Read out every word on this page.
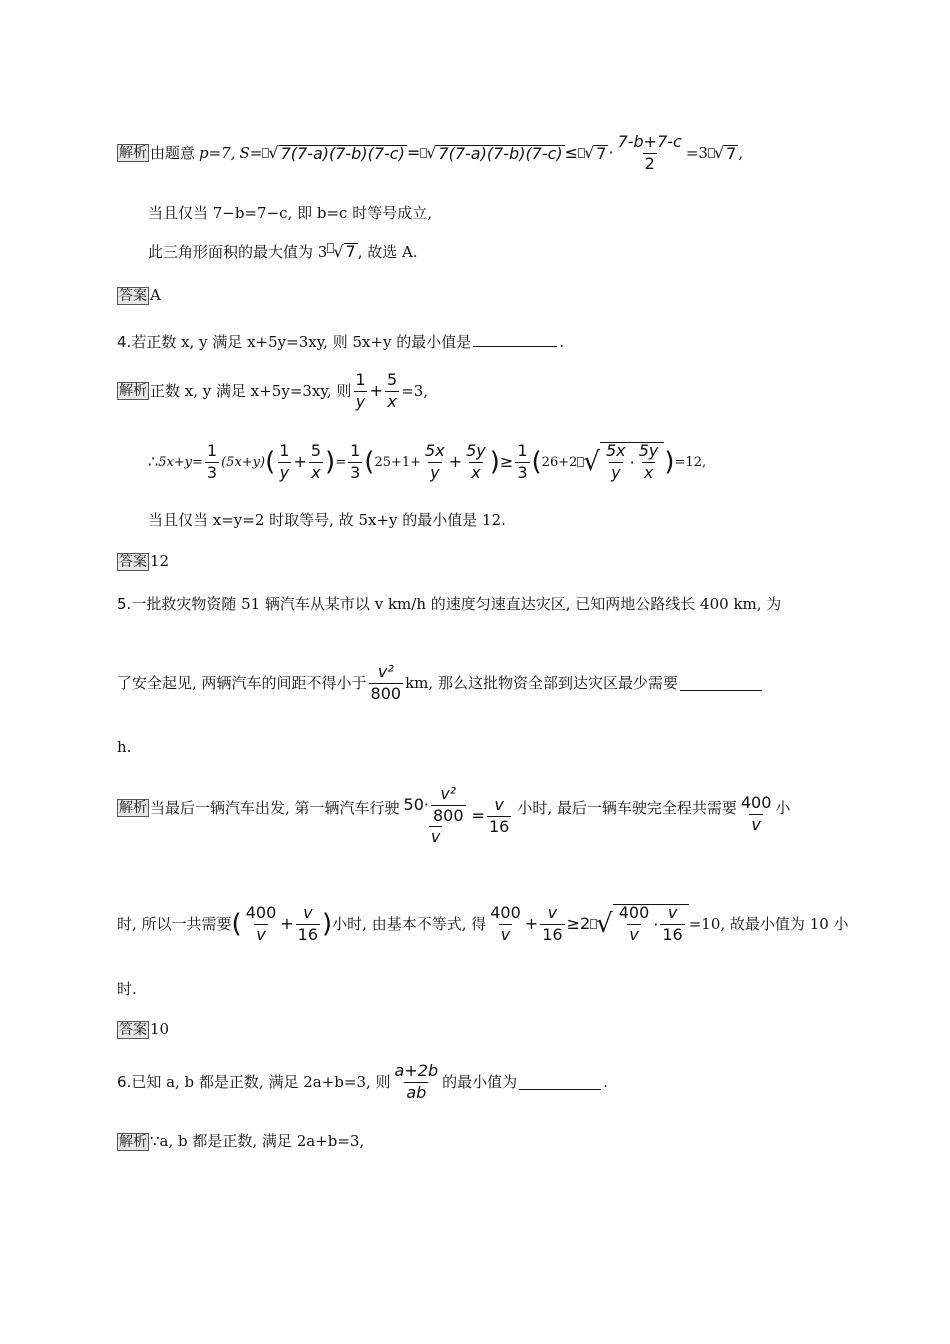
解析 由题意 p=7, S= √ 7(7-a)(7-b)(7-c) = √ 7(7-a)(7-b)(7-c) ≤ √ $7 \cdot \frac{7-b+7-c}{2} =3$ √ 7 ,
当且仅当 7−b=7−c, 即 b=c 时等号成立,
此三角形面积的最大值为 3 √ 7 , 故选 A.
答案 A
4.若正数 x, y 满足 x+5y=3xy, 则 5x+y 的最小值是	.
解析 正数 x, y 满足 x+5y=3xy, 则
1
y
+ $\frac{5}{x} =3$,
∴ $5x+y= \frac{1}{3} (5x+y)$ ( 1
y
+ $\frac{5}{x}$ ) = $\frac{1}{3}$ ( $25+1+ \frac{5x}{y} + \frac{5y}{x}$ ) ≥ $\frac{1}{3}$ ( 26+2 √ 5x
y
·
5y
x ) =12,
当且仅当 x=y=2 时取等号, 故 5x+y 的最小值是 12.
答案 12
5.一批救灾物资随 51 辆汽车从某市以 v km/h 的速度匀速直达灾区, 已知两地公路线长 400 km, 为
了安全起见, 两辆汽车的间距不得小于
v²
800
km, 那么这批物资全部到达灾区最少需要
h.
解析 当最后一辆汽车出发, 第一辆汽车行驶 50·
v²
800
$v = \frac{v}{16}$ 小时, 最后一辆车驶完全程共需要 400
v
小
时, 所以一共需要 ( 400
v
+ $\frac{v}{16}$ ) 小时, 由基本不等式, 得
400
v
+ $\frac{v}{16} \ge 2$ √ 400
v
·
v
16
=10, 故最小值为 10 小
时.
答案 10
6. 已知 a, b 都是正数, 满足 2a+b=3, 则
a+2b
ab
的最小值为	.
解析 ∵a, b 都是正数, 满足 2a+b=3,
